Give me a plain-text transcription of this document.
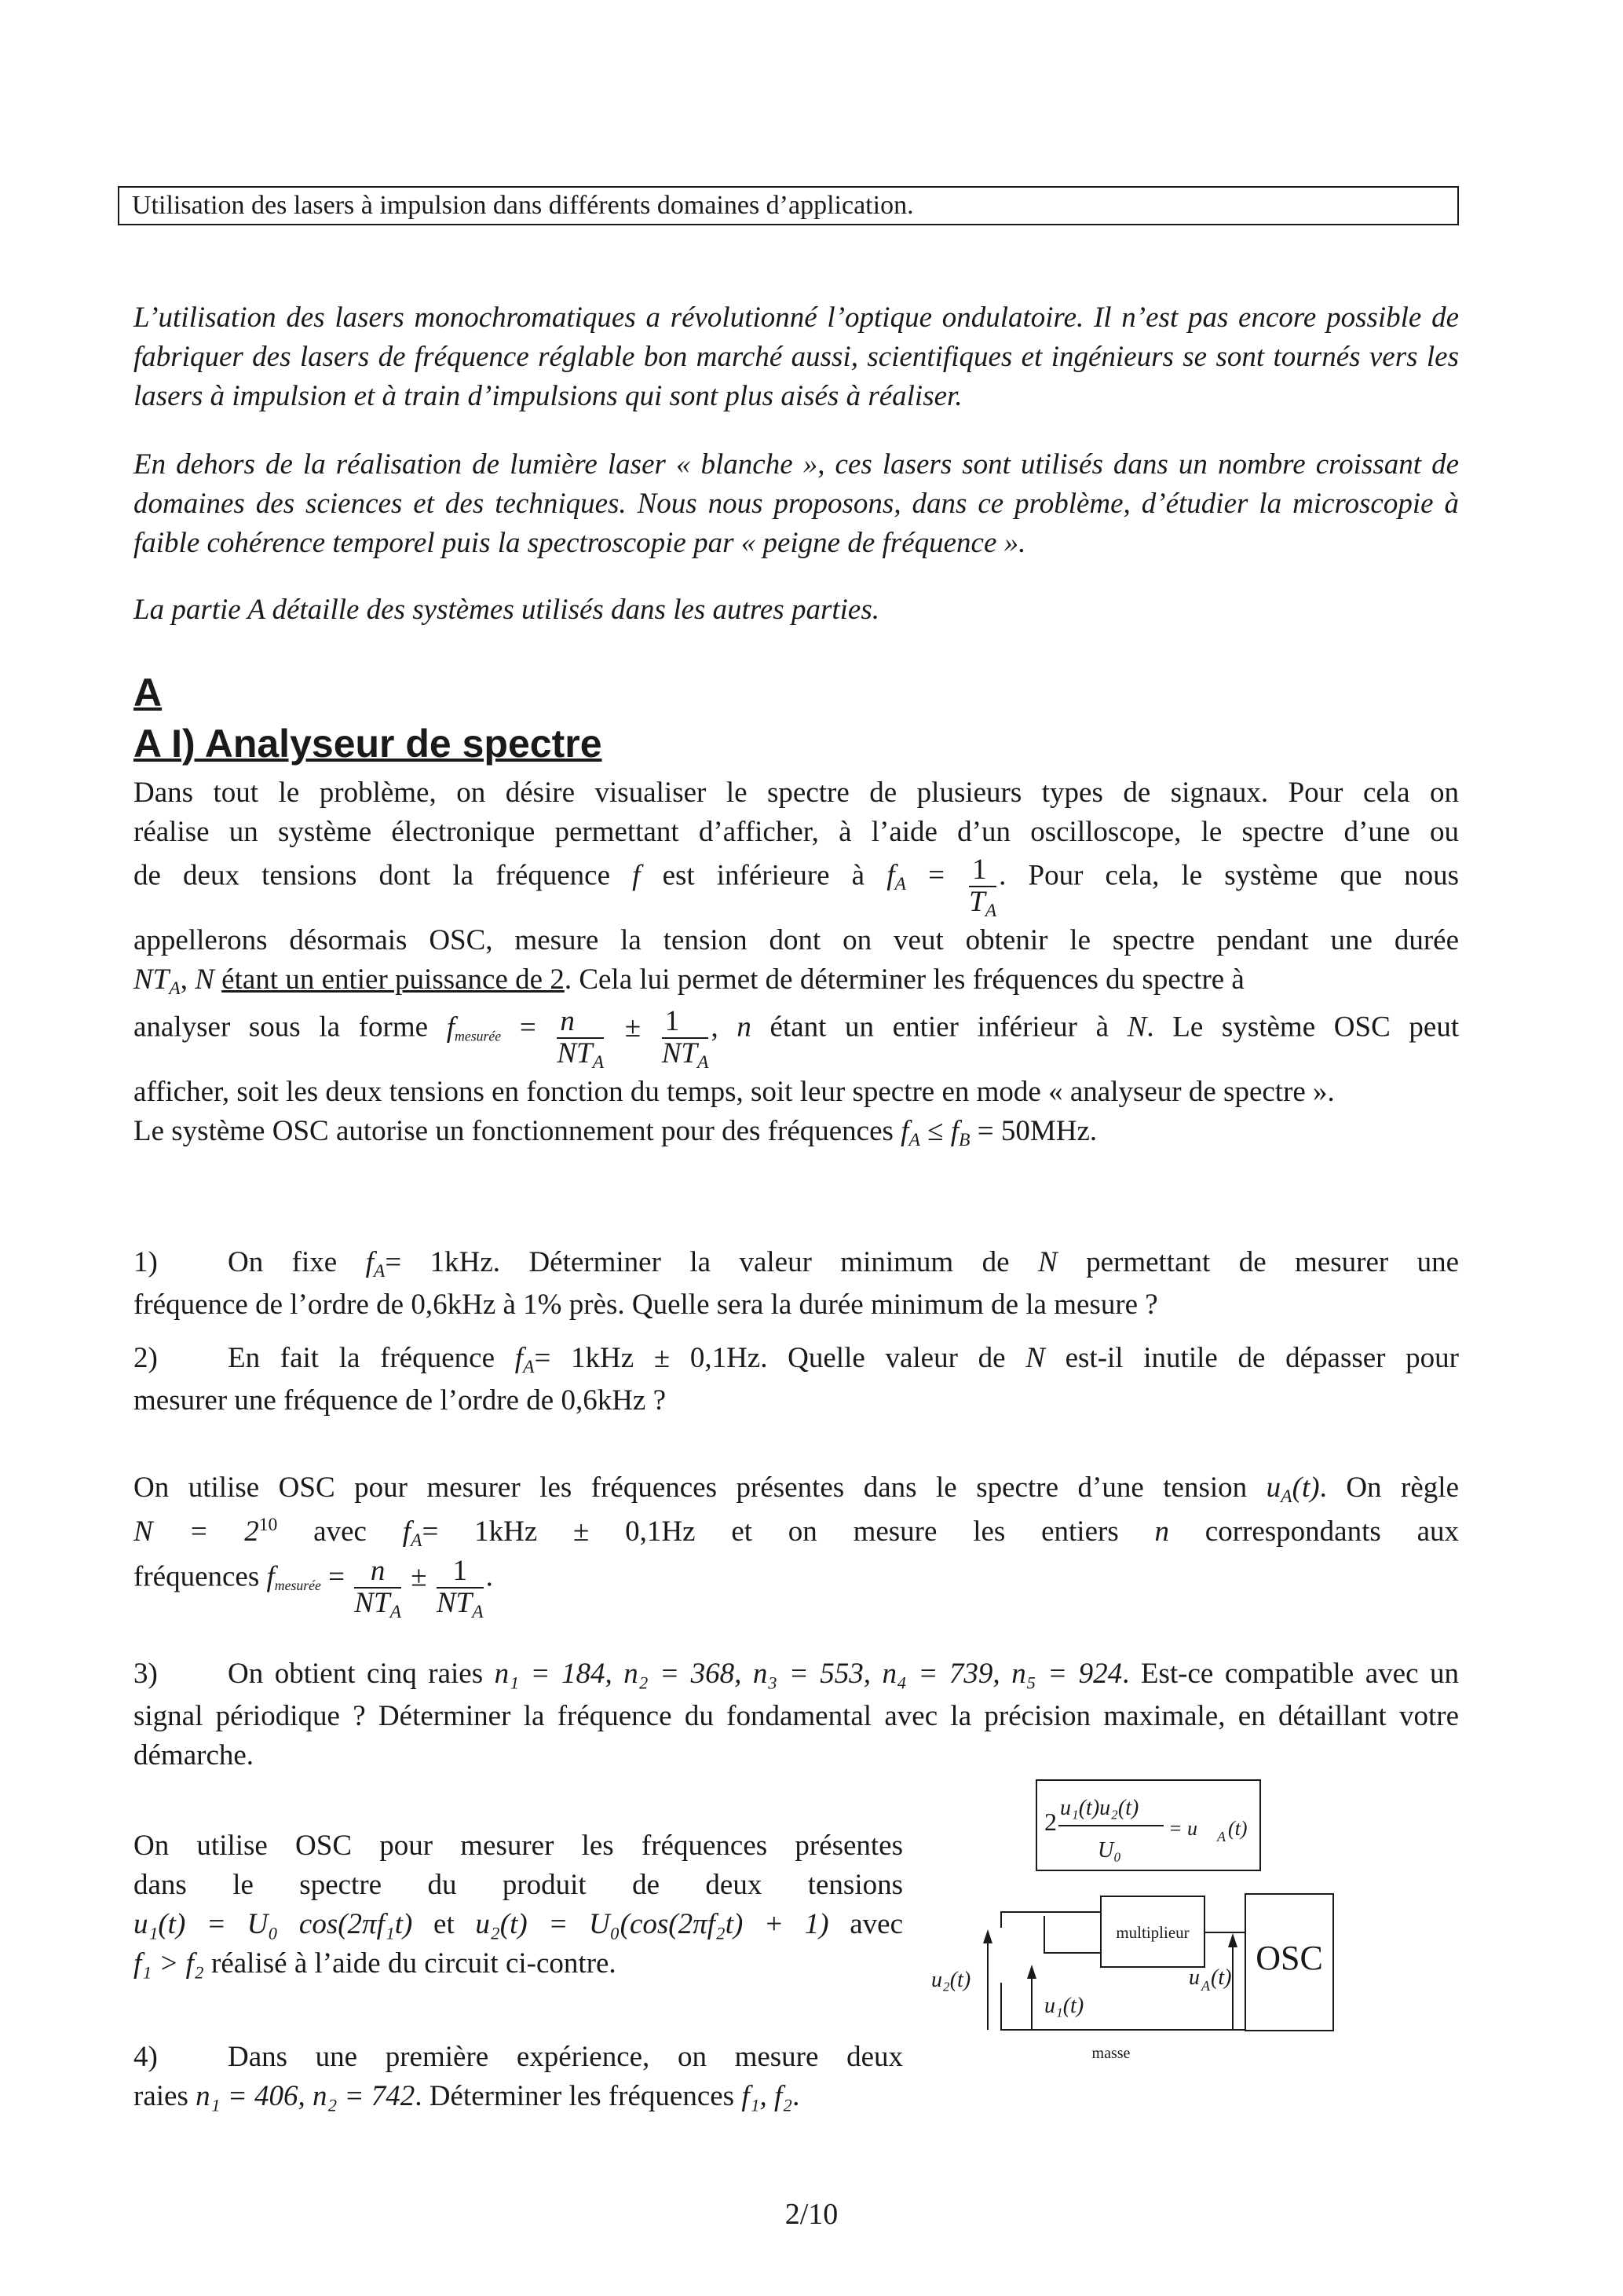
Utilisation des lasers à impulsion dans différents domaines d’application.
L’utilisation des lasers monochromatiques a révolutionné l’optique ondulatoire. Il n’est pas encore possible de fabriquer des lasers de fréquence réglable bon marché aussi, scientifiques et ingénieurs se sont tournés vers les lasers à impulsion et à train d’impulsions qui sont plus aisés à réaliser.
En dehors de la réalisation de lumière laser « blanche », ces lasers sont utilisés dans un nombre croissant de domaines des sciences et des techniques. Nous nous proposons, dans ce problème, d’étudier la microscopie à faible cohérence temporel puis la spectroscopie par « peigne de fréquence ».
La partie A détaille des systèmes utilisés dans les autres parties.
A
A I) Analyseur de spectre
Dans tout le problème, on désire visualiser le spectre de plusieurs types de signaux. Pour cela on
réalise un système électronique permettant d’afficher, à l’aide d’un oscilloscope, le spectre d’une ou
de deux tensions dont la fréquence f est inférieure à $f_A = \frac{1}{T_A}$ . Pour cela, le système que nous
appellerons désormais OSC, mesure la tension dont on veut obtenir le spectre pendant une durée
$NT_A$, N étant un entier puissance de 2. Cela lui permet de déterminer les fréquences du spectre à
analyser sous la forme $f_{mesurée} = \frac{n}{NT_A} \pm \frac{1}{NT_A}$ , n étant un entier inférieur à N. Le système OSC peut
afficher, soit les deux tensions en fonction du temps, soit leur spectre en mode « analyseur de spectre ».
Le système OSC autorise un fonctionnement pour des fréquences $f_A \le f_B = 50MHz$.
1) On fixe $f_A= 1kHz$. Déterminer la valeur minimum de N permettant de mesurer une
fréquence de l’ordre de 0,6kHz à 1% près. Quelle sera la durée minimum de la mesure ?
2) En fait la fréquence $f_A= 1kHz \pm 0,1Hz$. Quelle valeur de N est-il inutile de dépasser pour
mesurer une fréquence de l’ordre de 0,6kHz ?
On utilise OSC pour mesurer les fréquences présentes dans le spectre d’une tension $u_A(t)$. On règle
$N = 2^{10}$ avec $f_A= 1kHz \pm 0,1Hz$ et on mesure les entiers n correspondants aux
fréquences $f_{mesurée} = \frac{n}{NT_A} \pm \frac{1}{NT_A}$ .
3) On obtient cinq raies n₁ = 184, n₂ = 368, n₃ = 553, n₄ = 739, n₅ = 924. Est-ce compatible avec un
signal périodique ? Déterminer la fréquence du fondamental avec la précision maximale, en détaillant votre démarche.
On utilise OSC pour mesurer les fréquences présentes
dans le spectre du produit de deux tensions
u₁(t) = U₀ cos(2πf₁t) et u₂(t) = U₀(cos(2πf₂t) + 1) avec
f₁ > f₂ réalisé à l’aide du circuit ci-contre.
4) Dans une première expérience, on mesure deux
raies n₁ = 406, n₂ = 742. Déterminer les fréquences f₁, f₂.
2 u₁(t)u₂(t)
U₀
= u A (t)
multiplieur
OSC
u₂(t)
u₁(t)
u A (t)
masse
2/10
